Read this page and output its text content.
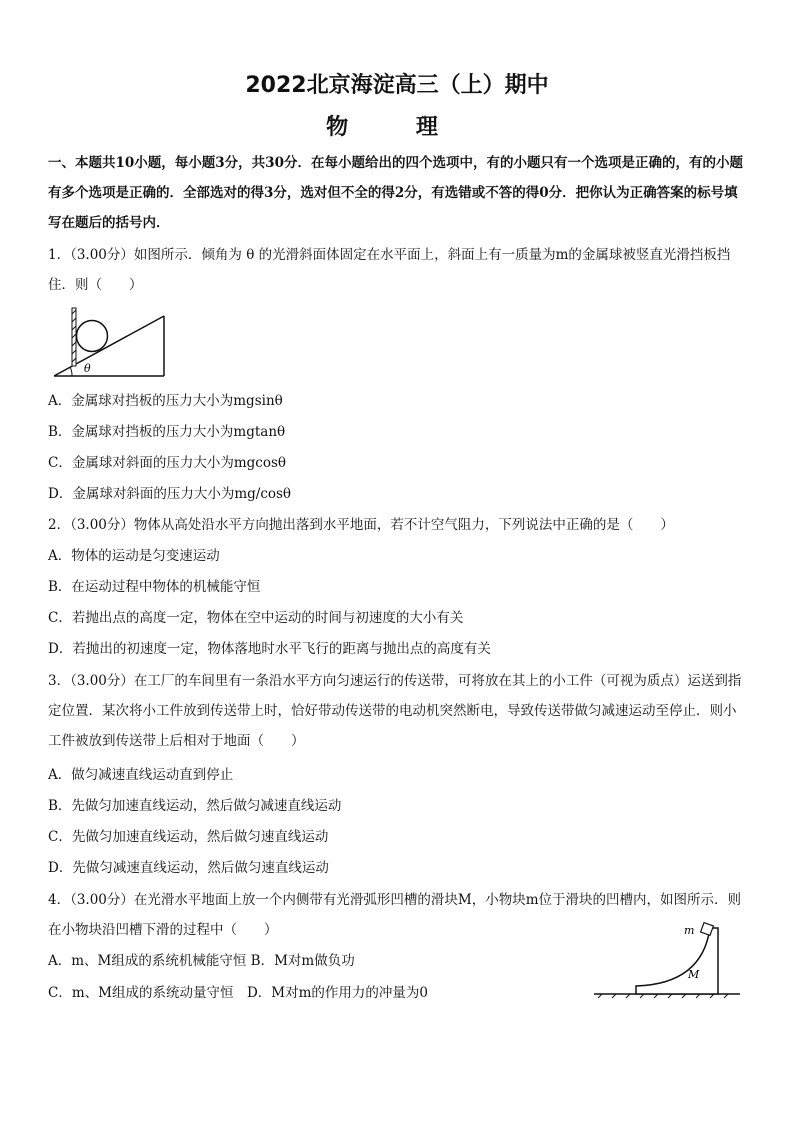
2022北京海淀高三（上）期中
物 理
一、本题共10小题，每小题3分，共30分．在每小题给出的四个选项中，有的小题只有一个选项是正确的，有的小题有多个选项是正确的．全部选对的得3分，选对但不全的得2分，有选错或不答的得0分．把你认为正确答案的标号填写在题后的括号内．
1．（3.00分）如图所示．倾角为 θ 的光滑斜面体固定在水平面上，斜面上有一质量为m的金属球被竖直光滑挡板挡住．则（　　）
θ
A．金属球对挡板的压力大小为mgsinθ
B．金属球对挡板的压力大小为mgtanθ
C．金属球对斜面的压力大小为mgcosθ
D．金属球对斜面的压力大小为mg/cosθ
2．（3.00分）物体从高处沿水平方向抛出落到水平地面，若不计空气阻力，下列说法中正确的是（　　）
A．物体的运动是匀变速运动
B．在运动过程中物体的机械能守恒
C．若抛出点的高度一定，物体在空中运动的时间与初速度的大小有关
D．若抛出的初速度一定，物体落地时水平飞行的距离与抛出点的高度有关
3．（3.00分）在工厂的车间里有一条沿水平方向匀速运行的传送带，可将放在其上的小工件（可视为质点）运送到指定位置．某次将小工件放到传送带上时，恰好带动传送带的电动机突然断电，导致传送带做匀减速运动至停止．则小工件被放到传送带上后相对于地面（　　）
A．做匀减速直线运动直到停止
B．先做匀加速直线运动，然后做匀减速直线运动
C．先做匀加速直线运动，然后做匀速直线运动
D．先做匀减速直线运动，然后做匀速直线运动
4．（3.00分）在光滑水平地面上放一个内侧带有光滑弧形凹槽的滑块M，小物块m位于滑块的凹槽内，如图所示．则在小物块沿凹槽下滑的过程中（　　）	m
M
A．m、M组成的系统机械能守恒 B．M对m做负功
C．m、M组成的系统动量守恒　D．M对m的作用力的冲量为0
